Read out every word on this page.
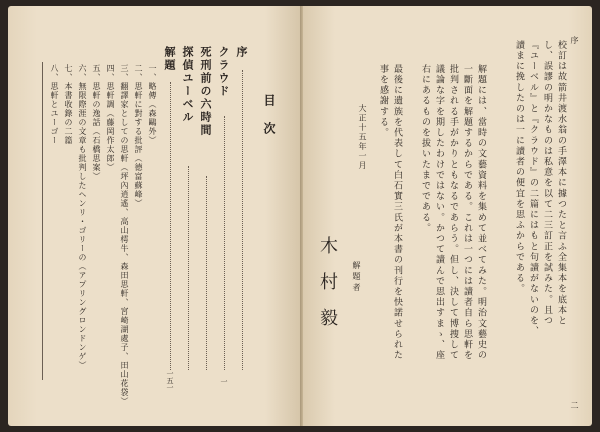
序
二
校訂は故箭井渡水翁の手澤本に據つたと言ふ全集本を底本とし、誤謬の明かなものは私意を以て二三訂正を試みた。且つ『ユーベル』と『クラウド』の二篇にはもと句讀がないのを、讀まに挽したのは一に讀者の便宜を思ふからである。
解題には、當時の文藝資料を集めて並べてみた。明治文藝史の一斷面を解題するからである。これは一つには讀者自ら思軒を批判される手がかりともなるであらう。但し、決して博捜して議論な字を期したわけではない。かつて讀んで思出すまゝ、座右にあるものを拔いたまでである。
最後に遺族を代表して白石實三氏が本書の刊行を快諾せられた事を感謝する。
大正十五年一月
解題者
木村毅
目次
序
クラウド
一
死刑前の六時間
探偵ユーベル
解題
一五一
一、略傳（森鷗外）
二、思軒に對する批評（德富蘇峰）
三、翻譯家としての思軒（坪內逍遙、高山樗牛、森田思軒、宮崎湖處子、田山花袋）
四、思軒調（藤岡作太郎）
五、思軒の逸話（石橋思案）
六、無限際涯の文章も批判したヘンリ・ゴリーの（アプリングロンドンゲ）
七、本書收錄の二篇
八、思軒とユーゴー
